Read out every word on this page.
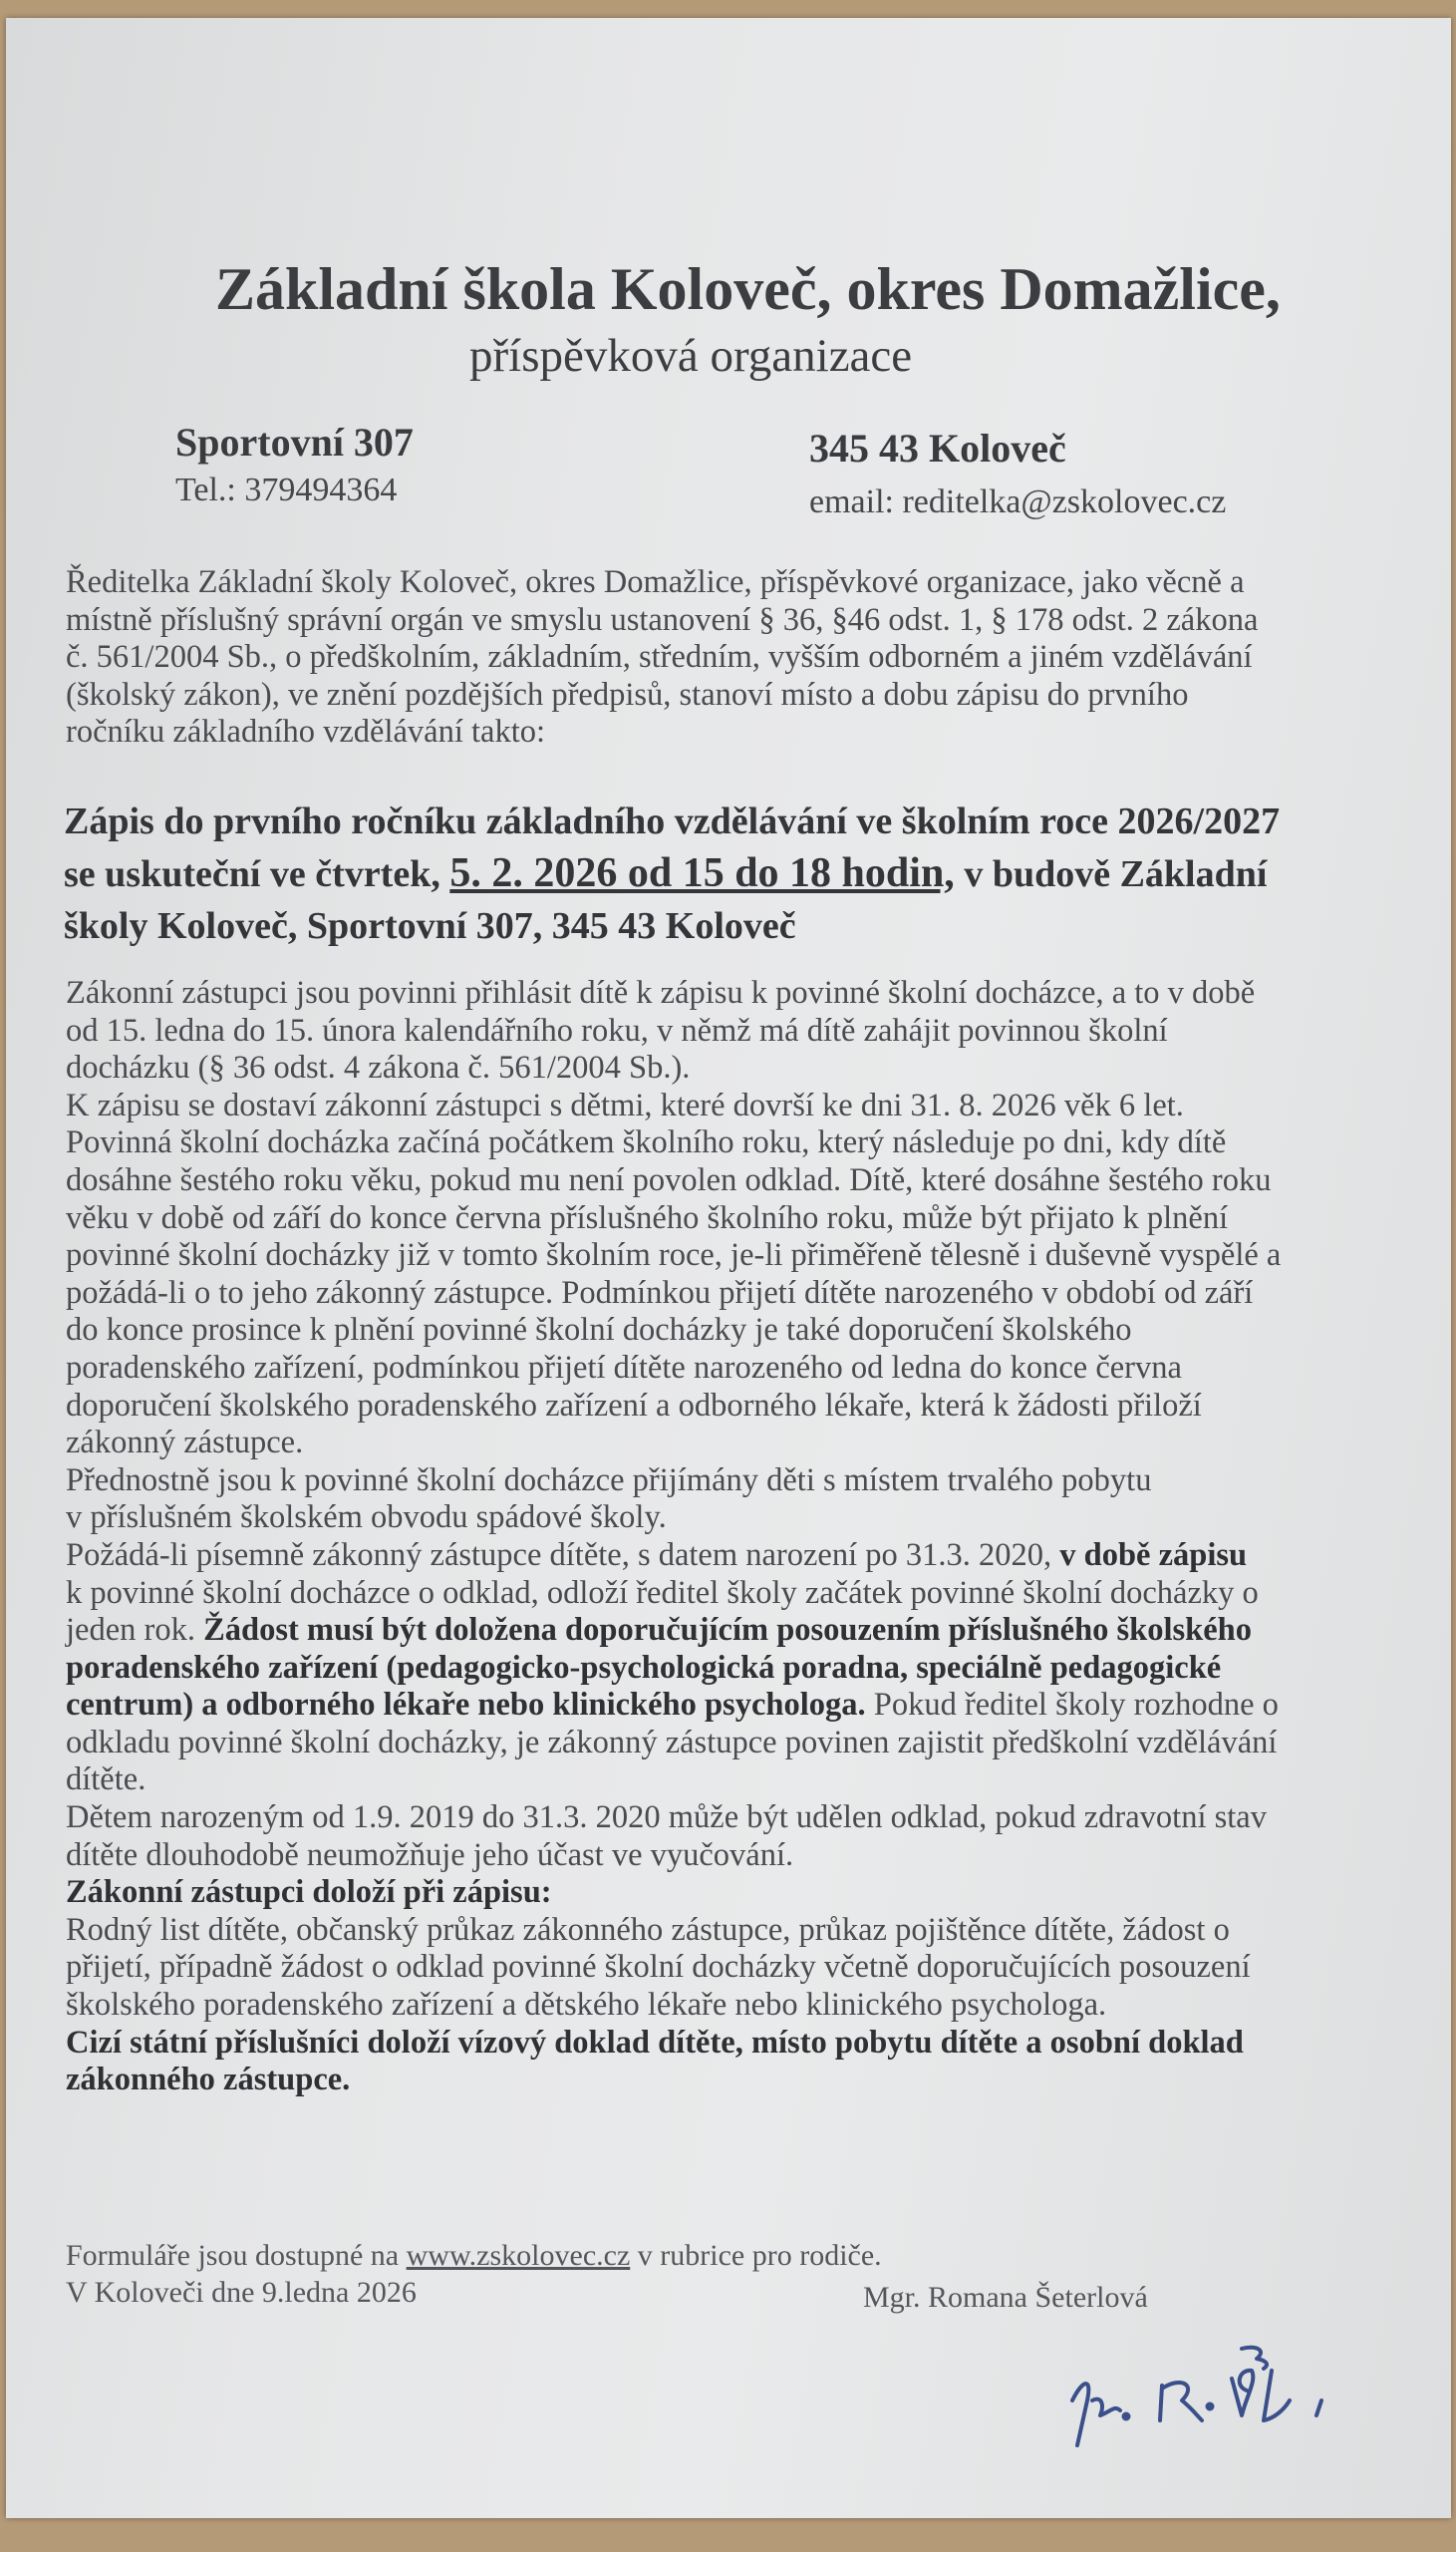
Základní škola Koloveč, okres Domažlice,
příspěvková organizace
Sportovní 307
Tel.: 379494364
345 43 Koloveč
email: reditelka@zskolovec.cz
Ředitelka Základní školy Koloveč, okres Domažlice, příspěvkové organizace, jako věcně a
místně příslušný správní orgán ve smyslu ustanovení § 36, §46 odst. 1, § 178 odst. 2 zákona
č. 561/2004 Sb., o předškolním, základním, středním, vyšším odborném a jiném vzdělávání
(školský zákon), ve znění pozdějších předpisů, stanoví místo a dobu zápisu do prvního
ročníku základního vzdělávání takto:
Zápis do prvního ročníku základního vzdělávání ve školním roce 2026/2027
se uskuteční ve čtvrtek, 5. 2. 2026 od 15 do 18 hodin, v budově Základní
školy Koloveč, Sportovní 307, 345 43 Koloveč
Zákonní zástupci jsou povinni přihlásit dítě k zápisu k povinné školní docházce, a to v době
od 15. ledna do 15. února kalendářního roku, v němž má dítě zahájit povinnou školní
docházku (§ 36 odst. 4 zákona č. 561/2004 Sb.).
K zápisu se dostaví zákonní zástupci s dětmi, které dovrší ke dni 31. 8. 2026 věk 6 let.
Povinná školní docházka začíná počátkem školního roku, který následuje po dni, kdy dítě
dosáhne šestého roku věku, pokud mu není povolen odklad. Dítě, které dosáhne šestého roku
věku v době od září do konce června příslušného školního roku, může být přijato k plnění
povinné školní docházky již v tomto školním roce, je-li přiměřeně tělesně i duševně vyspělé a
požádá-li o to jeho zákonný zástupce. Podmínkou přijetí dítěte narozeného v období od září
do konce prosince k plnění povinné školní docházky je také doporučení školského
poradenského zařízení, podmínkou přijetí dítěte narozeného od ledna do konce června
doporučení školského poradenského zařízení a odborného lékaře, která k žádosti přiloží
zákonný zástupce.
Přednostně jsou k povinné školní docházce přijímány děti s místem trvalého pobytu
v příslušném školském obvodu spádové školy.
Požádá-li písemně zákonný zástupce dítěte, s datem narození po 31.3. 2020, v době zápisu
k povinné školní docházce o odklad, odloží ředitel školy začátek povinné školní docházky o
jeden rok. Žádost musí být doložena doporučujícím posouzením příslušného školského
poradenského zařízení (pedagogicko-psychologická poradna, speciálně pedagogické
centrum) a odborného lékaře nebo klinického psychologa. Pokud ředitel školy rozhodne o
odkladu povinné školní docházky, je zákonný zástupce povinen zajistit předškolní vzdělávání
dítěte.
Dětem narozeným od 1.9. 2019 do 31.3. 2020 může být udělen odklad, pokud zdravotní stav
dítěte dlouhodobě neumožňuje jeho účast ve vyučování.
Zákonní zástupci doloží při zápisu:
Rodný list dítěte, občanský průkaz zákonného zástupce, průkaz pojištěnce dítěte, žádost o
přijetí, případně žádost o odklad povinné školní docházky včetně doporučujících posouzení
školského poradenského zařízení a dětského lékaře nebo klinického psychologa.
Cizí státní příslušníci doloží vízový doklad dítěte, místo pobytu dítěte a osobní doklad
zákonného zástupce.
Formuláře jsou dostupné na www.zskolovec.cz v rubrice pro rodiče.
V Koloveči dne 9.ledna 2026	Mgr. Romana Šeterlová
